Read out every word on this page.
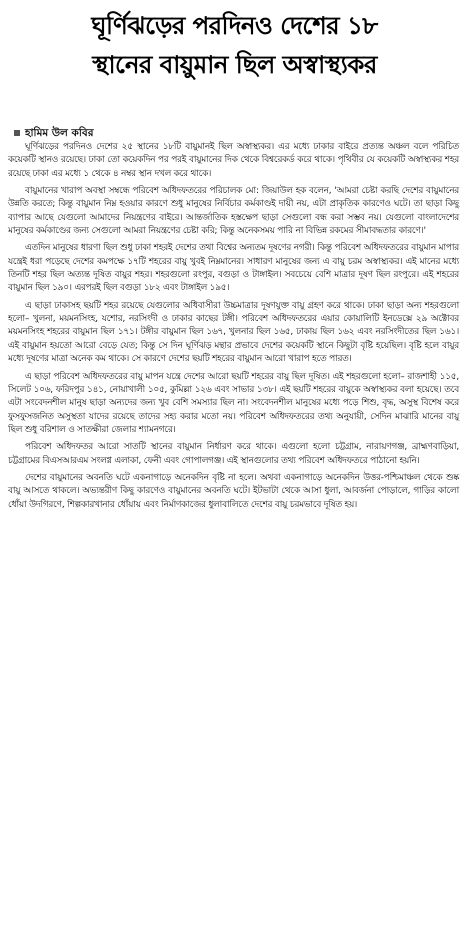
ঘূর্ণিঝড়ের পরদিনও দেশের ১৮
স্থানের বায়ুমান ছিল অস্বাস্থ্যকর
হামিম উল কবির

ঘূর্ণিঝড়ের পরদিনও দেশের ২৫ স্থানের ১৮টি বায়ুমানই ছিল অস্বাস্থ্যকর। এর মধ্যে ঢাকার বাইরে প্রত্যন্ত অঞ্চল বলে পরিচিত কয়েকটি স্থানও রয়েছে। ঢাকা তো কয়েকদিন পর পরই বায়ুমানের দিক থেকে বিশ্বরেকর্ড করে থাকে। পৃথিবীর যে কয়েকটি অস্বাস্থ্যকর শহর রয়েছে ঢাকা এর মধ্যে ১ থেকে ৪ নম্বর স্থান দখল করে থাকে।

বায়ুমানের খারাপ অবস্থা সম্বন্ধে পরিবেশ অধিদফতরের পরিচালক মো: জিয়াউল হক বলেন, 'আমরা চেষ্টা করছি দেশের বায়ুমানের উন্নতি করতে; কিন্তু বায়ুমান নিম্ন হওয়ার কারণে শুধু মানুষের নির্বিচার কর্মকাণ্ডই দায়ী নয়, এটা প্রাকৃতিক কারণেও ঘটে। তা ছাড়া কিছু ব্যাপার আছে যেগুলো আমাদের নিয়ন্ত্রণের বাইরে। আন্তর্জাতিক হস্তক্ষেপ ছাড়া সেগুলো বন্ধ করা সম্ভব নয়। যেগুলো বাংলাদেশের মানুষের কর্মকাণ্ডের জন্য সেগুলো আমরা নিয়ন্ত্রণের চেষ্টা করি; কিন্তু অনেকসময় পারি না বিভিন্ন রকমের সীমাবদ্ধতার কারণে।'

এতদিন মানুষের ধারণা ছিল শুধু ঢাকা শহরই দেশের তথা বিশ্বের অন্যতম দূষণের নগরী। কিন্তু পরিবেশ অধিদফতরের বায়ুমান মাপার যন্ত্রেই ধরা পড়েছে দেশের কমপক্ষে ১৭টি শহরের বায়ু খুবই নিম্নমানের। সাধারণ মানুষের জন্য এ বায়ু চরম অস্বাস্থ্যকর। এই মানের মধ্যে তিনটি শহর ছিল অত্যন্ত দূষিত বায়ুর শহর। শহরগুলো রংপুর, বগুড়া ও টাঙ্গাইল। সবচেয়ে বেশি মাত্রার দূষণ ছিল রংপুরে। এই শহরের বায়ুমান ছিল ১৯০। এরপরই ছিল বগুড়া ১৮২ এবং টাঙ্গাইল ১৯৫।

এ ছাড়া ঢাকাসহ ছয়টি শহর রয়েছে যেগুলোর অধিবাসীরা উচ্চমাত্রার দূষণযুক্ত বায়ু গ্রহণ করে থাকে। ঢাকা ছাড়া অন্য শহরগুলো হলো– খুলনা, ময়মনসিংহ, যশোর, নরসিংদী ও ঢাকার কাছের টঙ্গী। পরিবেশ অধিদফতরের এয়ার কোয়ালিটি ইনডেক্সে ২৯ অক্টোবর ময়মনসিংহ শহরের বায়ুমান ছিল ১৭১। টঙ্গীর বায়ুমান ছিল ১৬৭, খুলনার ছিল ১৬৫, ঢাকায় ছিল ১৬২ এবং নরসিংদীতের ছিল ১৬১। এই বায়ুমান হয়তো আরো বেড়ে যেত; কিন্তু সে দিন ঘূর্ণিঝড় মন্থার প্রভাবে দেশের কয়েকটি স্থানে কিছুটা বৃষ্টি হয়েছিল। বৃষ্টি হলে বায়ুর মধ্যে দূষণের মাত্রা অনেক কম থাকে। সে কারণে দেশের ছয়টি শহরের বায়ুমান আরো খারাপ হতে পারত।

এ ছাড়া পরিবেশ অধিদফতরের বায়ু মাপন যন্ত্রে দেশের আরো ছয়টি শহরের বায়ু ছিল দূষিত। এই শহরগুলো হলো– রাজশাহী ১১৫, সিলেট ১০৬, ফরিদপুর ১৪১, নোয়াখালী ১০৫, কুমিল্লা ১২৬ এবং সাভার ১৩৮। এই ছয়টি শহরের বায়ুকে অস্বাস্থ্যকর বলা হয়েছে। তবে এটা সংবেদনশীল মানুষ ছাড়া অন্যদের জন্য খুব বেশি সমস্যার ছিল না। সংবেদনশীল মানুষের মধ্যে পড়ে শিশু, বৃদ্ধ, অসুস্থ বিশেষ করে ফুসফুসজনিত অসুস্থতা যাদের রয়েছে তাদের সহ্য করার মতো নয়। পরিবেশ অধিদফতরের তথ্য অনুযায়ী, সেদিন মাঝারি মানের বায়ু ছিল শুধু বরিশাল ও সাতক্ষীরা জেলার শ্যামনগরে।

পরিবেশ অধিদফতর আরো সাতটি স্থানের বায়ুমান নির্ধারণ করে থাকে। এগুলো হলো চট্টগ্রাম, নারায়ণগঞ্জ, ব্রাহ্মণবাড়িয়া, চট্টগ্রামের বিএসআরএম সংলগ্ন এলাকা, ফেনী এবং গোপালগঞ্জ। এই স্থানগুলোর তথ্য পরিবেশ অধিদফতরে পাঠানো হয়নি।

দেশের বায়ুমানের অবনতি ঘটে একনাগাড়ে অনেকদিন বৃষ্টি না হলে। অথবা একনাগাড়ে অনেকদিন উত্তর-পশ্চিমাঞ্চল থেকে শুষ্ক বায়ু আসতে থাকলে। অভ্যন্তরীণ কিছু কারণেও বায়ুমানের অবনতি ঘটে। ইটভাটা থেকে আসা ধুলা, আবর্জনা পোড়ালে, গাড়ির কালো ধোঁয়া উদগিরণে, শিল্পকারখানার ধোঁয়ায় এবং নির্মাণকাজের ধুলাবালিতে দেশের বায়ু চরমভাবে দূষিত হয়।
